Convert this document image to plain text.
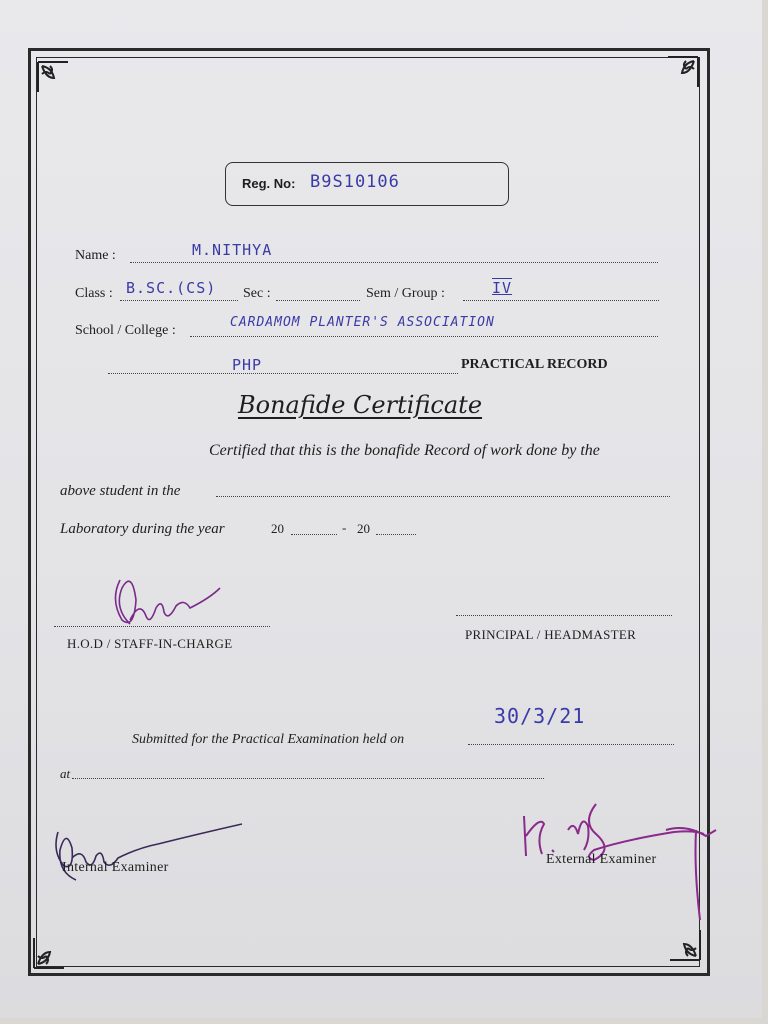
Reg. No: B9S10106
Name :	M.NITHYA
Class : B.SC.(CS) Sec :	Sem / Group :	IV
School / College :
CARDAMOM PLANTER'S ASSOCIATION
PHP	PRACTICAL RECORD
Bonafide Certificate
Certified that this is the bonafide Record of work done by the
above student in the
Laboratory during the year	20	- 20
H.O.D / STAFF-IN-CHARGE
PRINCIPAL / HEADMASTER
Submitted for the Practical Examination held on
30/3/21
at
Internal Examiner
External Examiner
